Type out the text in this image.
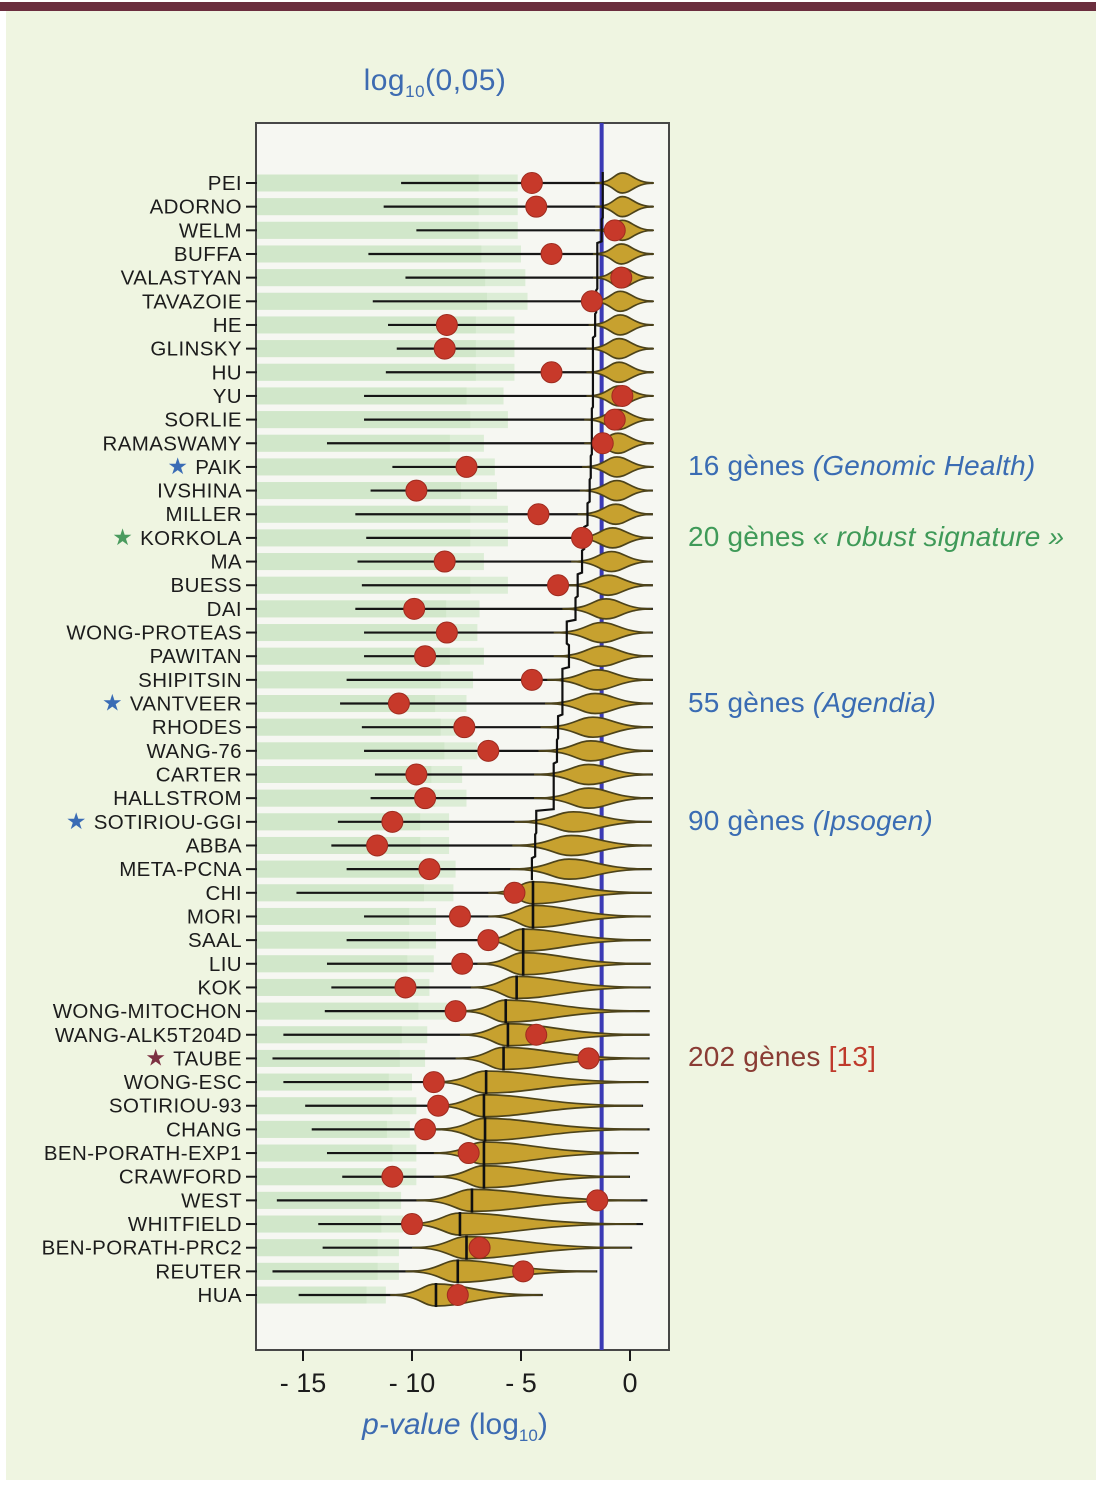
PEI
ADORNO
WELM
BUFFA
VALASTYAN
TAVAZOIE
HE
GLINSKY
HU
YU
SORLIE
RAMASWAMY
★ PAIK
IVSHINA
MILLER
★ KORKOLA
MA
BUESS
DAI
WONG-PROTEAS
PAWITAN
SHIPITSIN
★ VANTVEER
RHODES
WANG-76
CARTER
HALLSTROM
★ SOTIRIOU-GGI
ABBA
META-PCNA
CHI
MORI
SAAL
LIU
KOK
WONG-MITOCHON
WANG-ALK5T204D
★ TAUBE
WONG-ESC
SOTIRIOU-93
CHANG
BEN-PORATH-EXP1
CRAWFORD
WEST
WHITFIELD
BEN-PORATH-PRC2
REUTER
HUA
- 15 - 10	- 5	0
$\log_{10}(0,05)$
p-value $(\log_{10})$
16 gènes (Genomic Health)
20 gènes « robust signature »
55 gènes (Agendia)
90 gènes (Ipsogen)
202 gènes [13]
